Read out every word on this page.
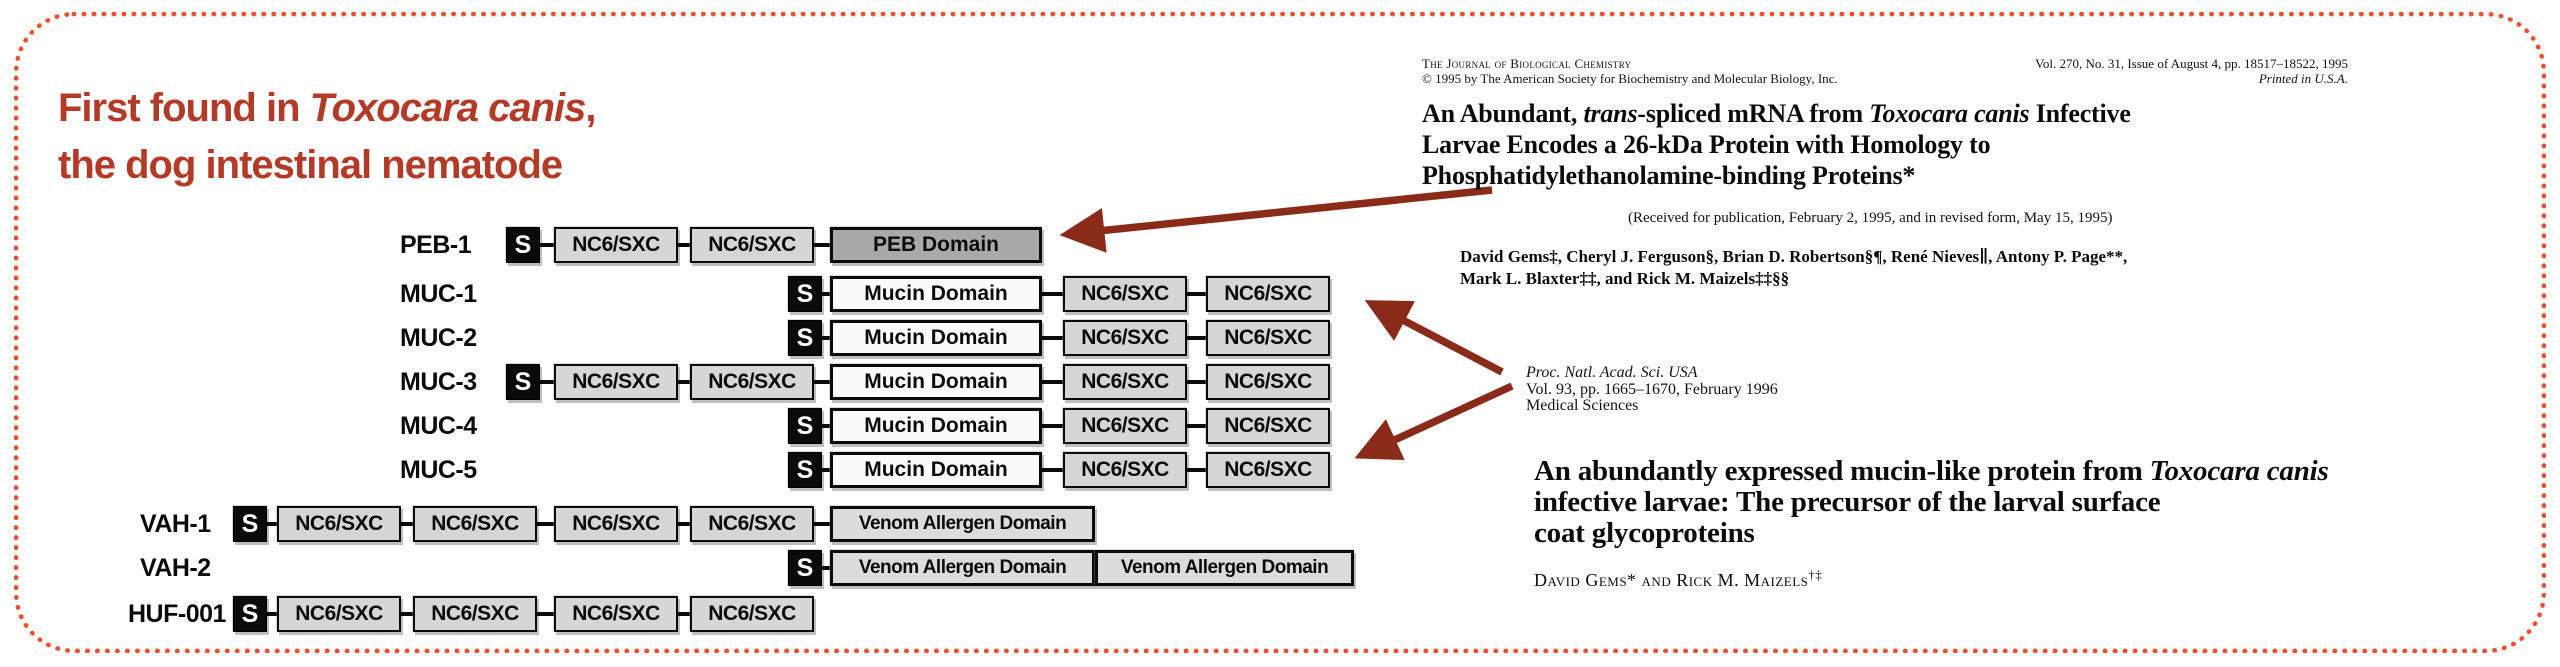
First found in Toxocara canis,
the dog intestinal nematode
PEB-1	S	NC6/SXC	NC6/SXC	PEB Domain
MUC-1	S	Mucin Domain	NC6/SXC	NC6/SXC
MUC-2	S	Mucin Domain	NC6/SXC	NC6/SXC
MUC-3	S	NC6/SXC	NC6/SXC	Mucin Domain	NC6/SXC	NC6/SXC
MUC-4	S	Mucin Domain	NC6/SXC	NC6/SXC
MUC-5	S	Mucin Domain	NC6/SXC	NC6/SXC
VAH-1	S	NC6/SXC	NC6/SXC	NC6/SXC	NC6/SXC	Venom Allergen Domain
VAH-2	S	Venom Allergen Domain	Venom Allergen Domain
HUF-001 S	NC6/SXC	NC6/SXC	NC6/SXC	NC6/SXC
The Journal of Biological Chemistry
© 1995 by The American Society for Biochemistry and Molecular Biology, Inc.
Vol. 270, No. 31, Issue of August 4, pp. 18517–18522, 1995
Printed in U.S.A.
An Abundant, trans-spliced mRNA from Toxocara canis Infective
Larvae Encodes a 26-kDa Protein with Homology to
Phosphatidylethanolamine-binding Proteins*
(Received for publication, February 2, 1995, and in revised form, May 15, 1995)
David Gems‡, Cheryl J. Ferguson§, Brian D. Robertson§¶, René Nieves∥, Antony P. Page**,
Mark L. Blaxter‡‡, and Rick M. Maizels‡‡§§
Proc. Natl. Acad. Sci. USA
Vol. 93, pp. 1665–1670, February 1996
Medical Sciences
An abundantly expressed mucin-like protein from Toxocara canis
infective larvae: The precursor of the larval surface
coat glycoproteins
David Gems* and Rick M. Maizels†‡
